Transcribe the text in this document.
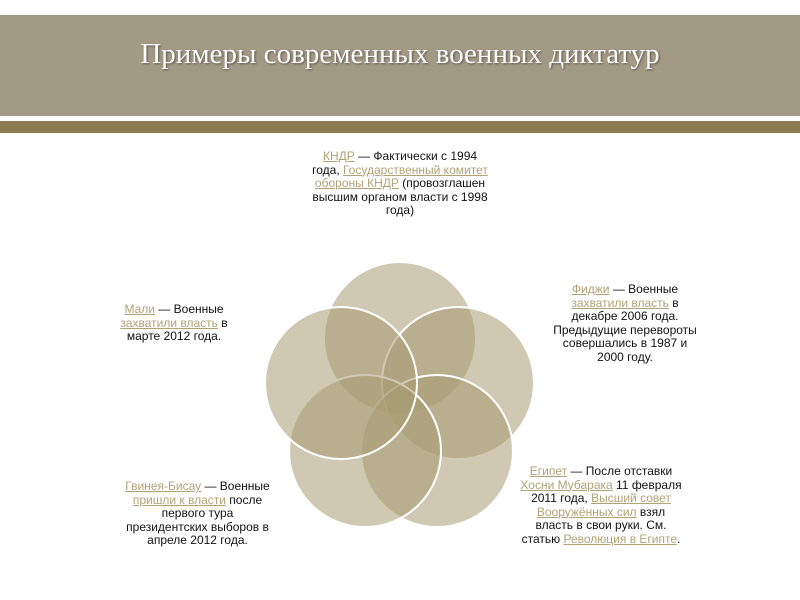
Примеры современных военных диктатур
КНДР — Фактически с 1994 года, Государственный комитет обороны КНДР (провозглашен высшим органом власти с 1998 года)
Фиджи — Военные захватили власть в декабре 2006 года. Предыдущие перевороты совершались в 1987 и 2000 году.
Мали — Военные захватили власть в марте 2012 года.
Египет — После отставки Хосни Мубарака 11 февраля 2011 года, Высший совет Вооружённых сил взял власть в свои руки. См. статью Революция в Египте.
Гвинея-Бисау — Военные пришли к власти после первого тура президентских выборов в апреле 2012 года.
